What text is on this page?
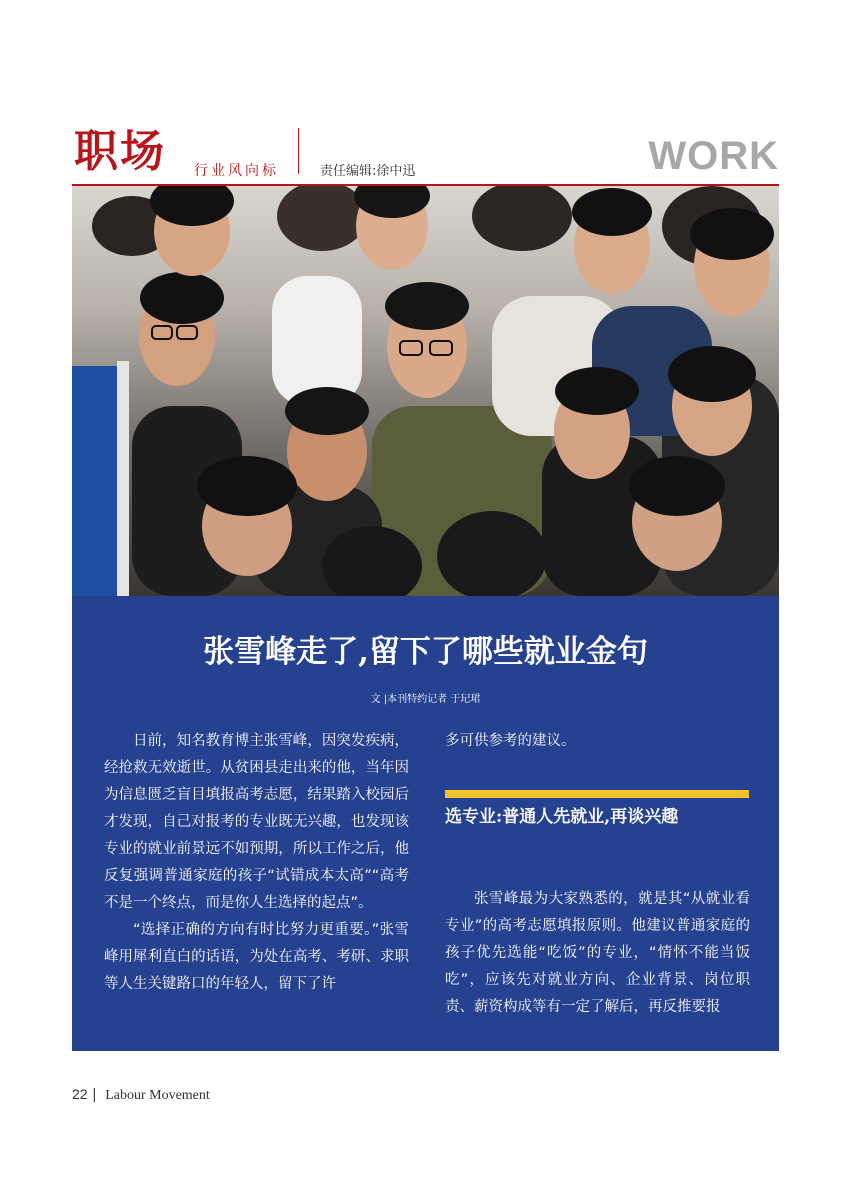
职场 行业风向标	责任编辑:徐中迅	WORK
张雪峰走了,留下了哪些就业金句
文 |本刊特约记者 于玘珺

日前，知名教育博主张雪峰，因突发疾病，经抢救无效逝世。从贫困县走出来的他，当年因为信息匮乏盲目填报高考志愿，结果踏入校园后才发现，自己对报考的专业既无兴趣，也发现该专业的就业前景远不如预期，所以工作之后，他反复强调普通家庭的孩子“试错成本太高”“高考不是一个终点，而是你人生选择的起点”。

“选择正确的方向有时比努力更重要。”张雪峰用犀利直白的话语，为处在高考、考研、求职等人生关键路口的年轻人，留下了许

多可供参考的建议。

选专业:普通人先就业,再谈兴趣

张雪峰最为大家熟悉的，就是其“从就业看专业”的高考志愿填报原则。他建议普通家庭的孩子优先选能“吃饭”的专业，“情怀不能当饭吃”，应该先对就业方向、企业背景、岗位职责、薪资构成等有一定了解后，再反推要报

22 | Labour Movement
